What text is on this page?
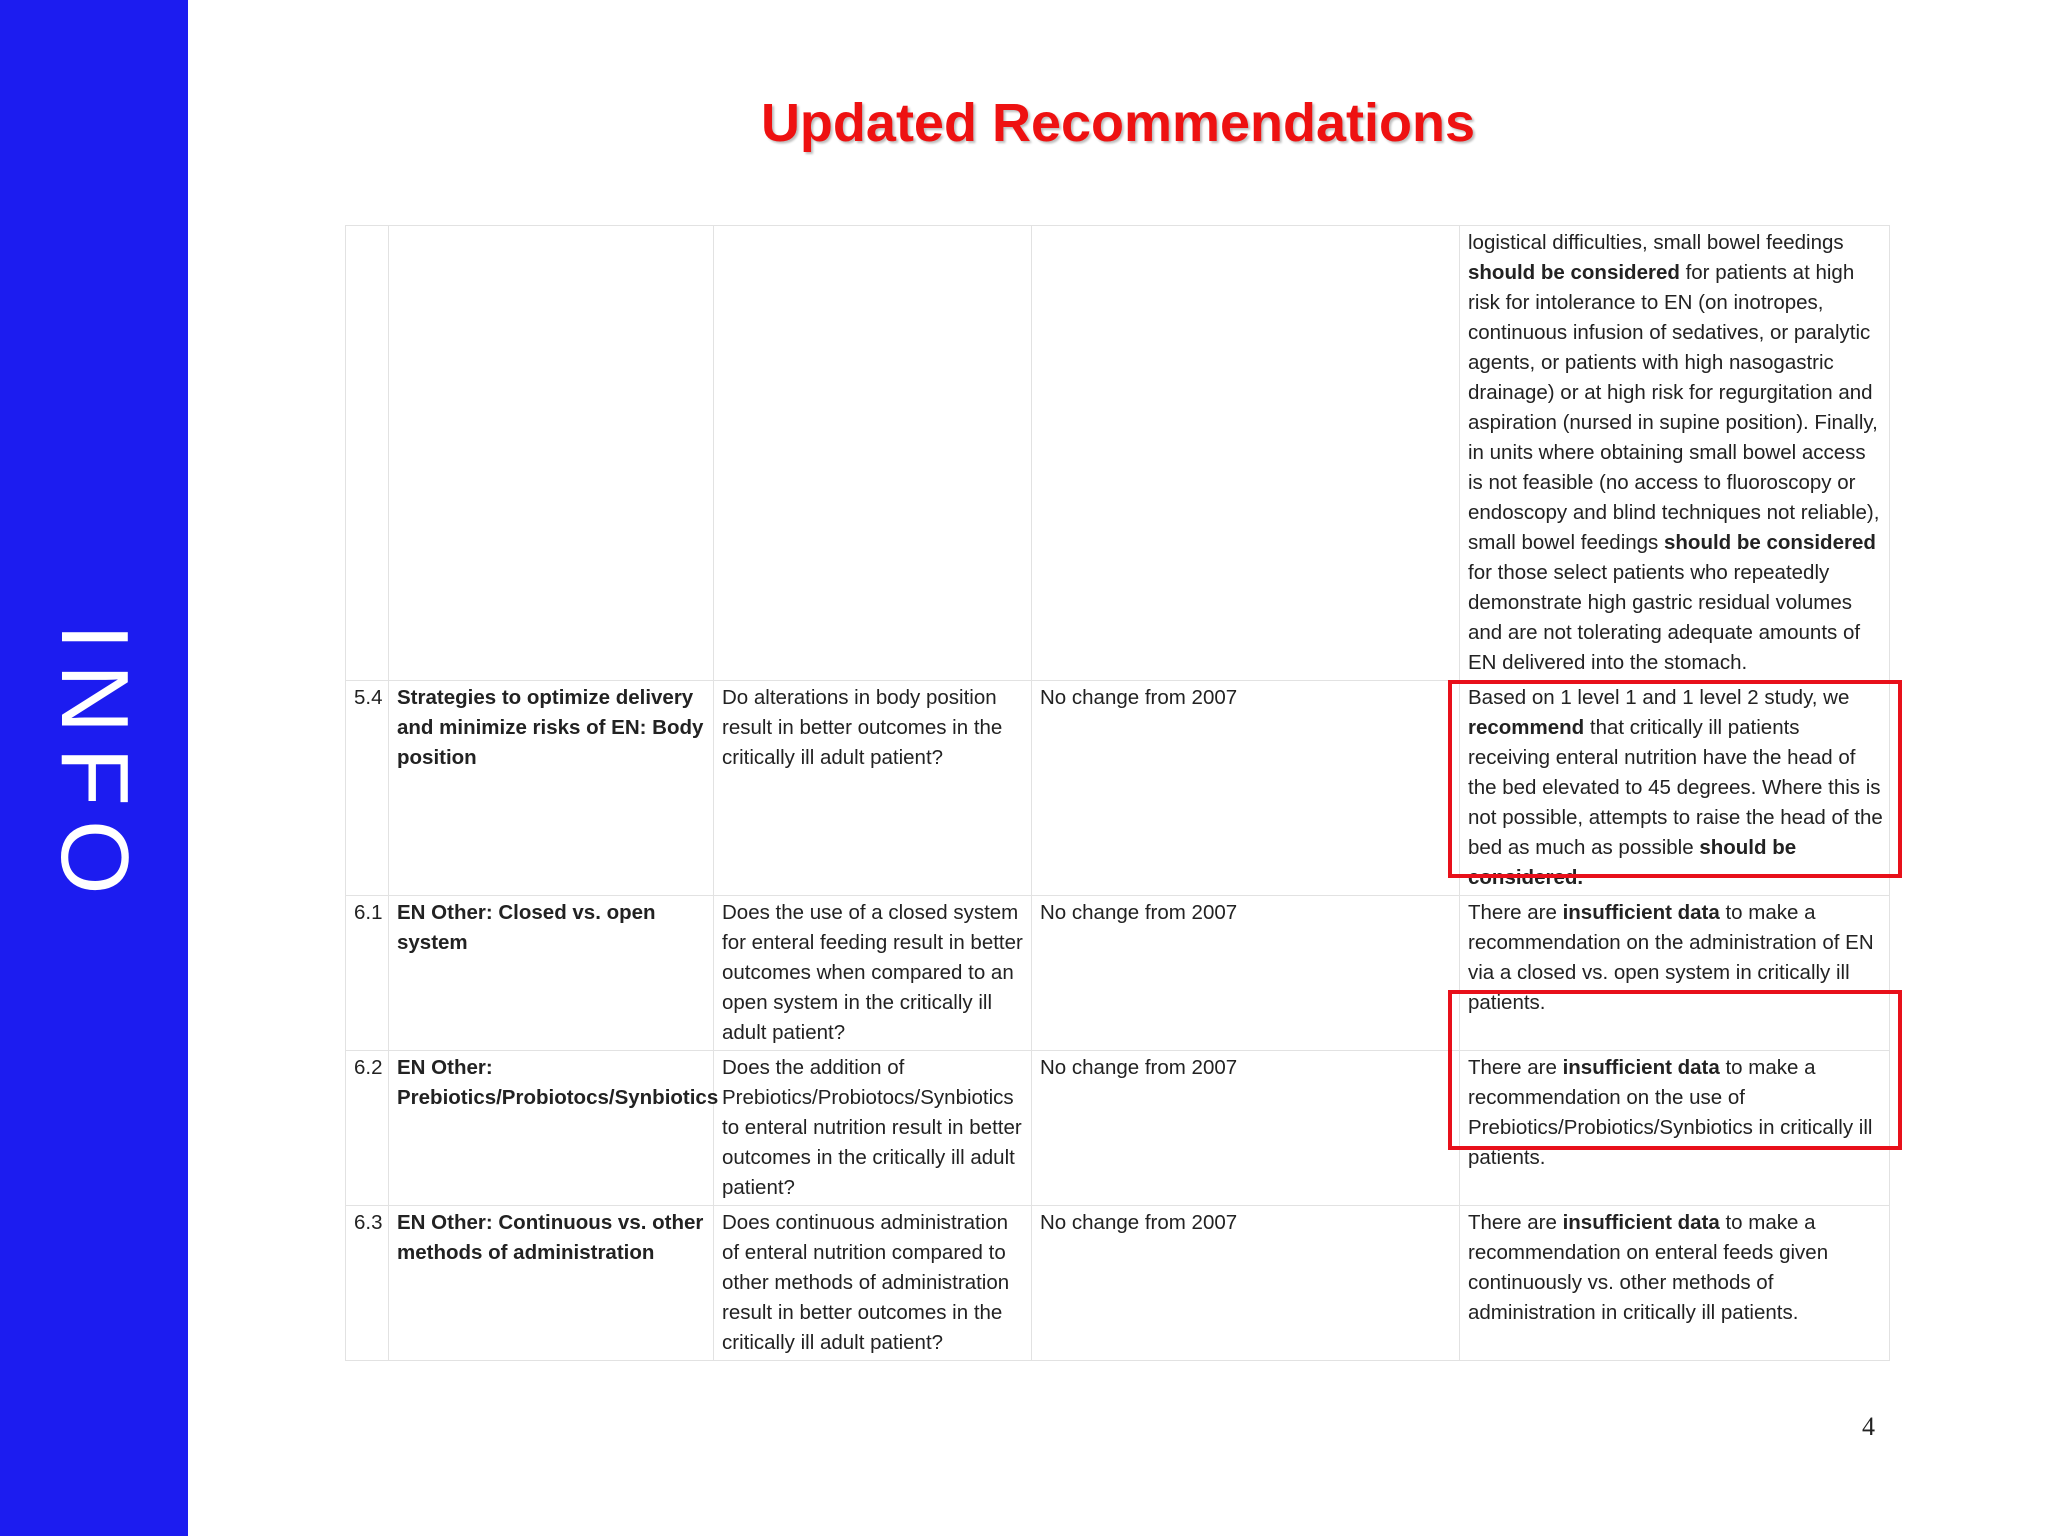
INFO
Updated Recommendations
				logistical difficulties, small bowel feedings should be considered for patients at high risk for intolerance to EN (on inotropes, continuous infusion of sedatives, or paralytic agents, or patients with high nasogastric drainage) or at high risk for regurgitation and aspiration (nursed in supine position). Finally, in units where obtaining small bowel access is not feasible (no access to fluoroscopy or endoscopy and blind techniques not reliable), small bowel feedings should be considered for those select patients who repeatedly demonstrate high gastric residual volumes and are not tolerating adequate amounts of EN delivered into the stomach.
5.4	Strategies to optimize delivery and minimize risks of EN: Body position	Do alterations in body position result in better outcomes in the critically ill adult patient?	No change from 2007	Based on 1 level 1 and 1 level 2 study, we recommend that critically ill patients receiving enteral nutrition have the head of the bed elevated to 45 degrees. Where this is not possible, attempts to raise the head of the bed as much as possible should be considered.
6.1	EN Other: Closed vs. open system	Does the use of a closed system for enteral feeding result in better outcomes when compared to an open system in the critically ill adult patient?	No change from 2007	There are insufficient data to make a recommendation on the administration of EN via a closed vs. open system in critically ill patients.
6.2	EN Other: Prebiotics/Probiotocs/Synbiotics	Does the addition of Prebiotics/Probiotocs/Synbiotics to enteral nutrition result in better outcomes in the critically ill adult patient?	No change from 2007	There are insufficient data to make a recommendation on the use of Prebiotics/Probiotics/Synbiotics in critically ill patients.
6.3	EN Other: Continuous vs. other methods of administration	Does continuous administration of enteral nutrition compared to other methods of administration result in better outcomes in the critically ill adult patient?	No change from 2007	There are insufficient data to make a recommendation on enteral feeds given continuously vs. other methods of administration in critically ill patients.
4
